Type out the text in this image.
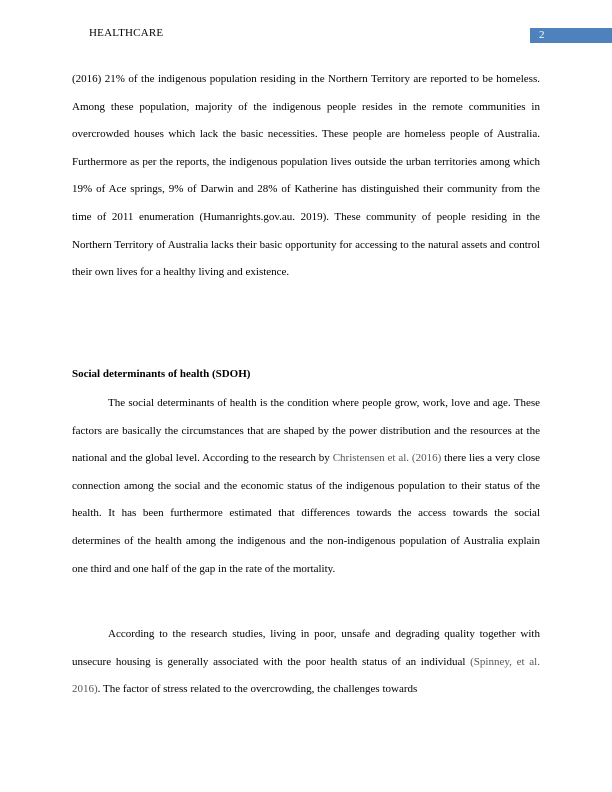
HEALTHCARE	2

(2016) 21% of the indigenous population residing in the Northern Territory are reported to be homeless. Among these population, majority of the indigenous people resides in the remote communities in overcrowded houses which lack the basic necessities. These people are homeless people of Australia. Furthermore as per the reports, the indigenous population lives outside the urban territories among which 19% of Ace springs, 9% of Darwin and 28% of Katherine has distinguished their community from the time of 2011 enumeration (Humanrights.gov.au. 2019). These community of people residing in the Northern Territory of Australia lacks their basic opportunity for accessing to the natural assets and control their own lives for a healthy living and existence.

Social determinants of health (SDOH)

The social determinants of health is the condition where people grow, work, love and age. These factors are basically the circumstances that are shaped by the power distribution and the resources at the national and the global level. According to the research by Christensen et al. (2016) there lies a very close connection among the social and the economic status of the indigenous population to their status of the health. It has been furthermore estimated that differences towards the access towards the social determines of the health among the indigenous and the non-indigenous population of Australia explain one third and one half of the gap in the rate of the mortality.

According to the research studies, living in poor, unsafe and degrading quality together with unsecure housing is generally associated with the poor health status of an individual (Spinney, et al. 2016). The factor of stress related to the overcrowding, the challenges towards
